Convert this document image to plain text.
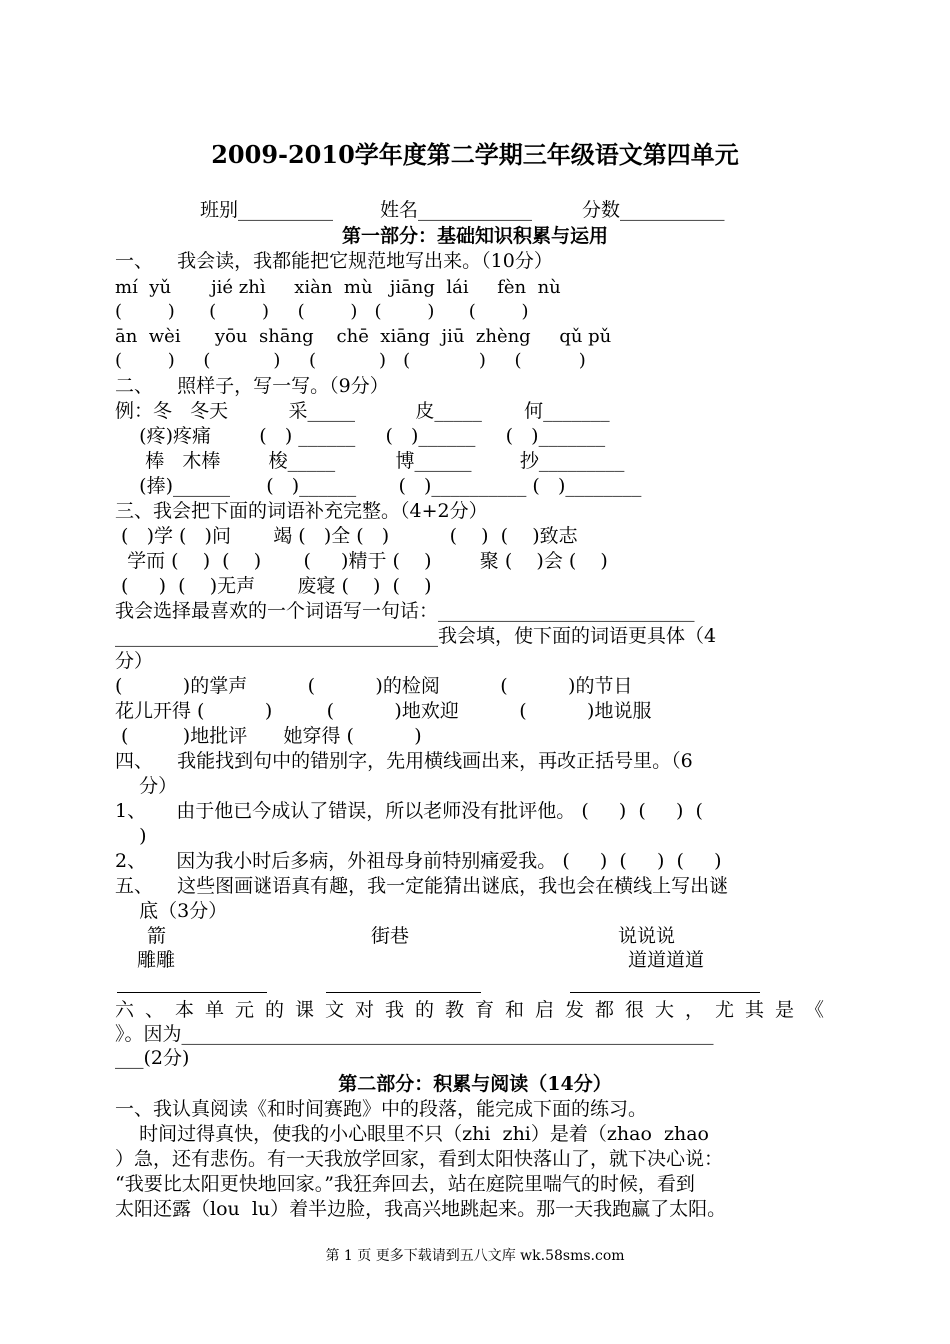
2009-2010学年度第二学期三年级语文第四单元
班别__________ 姓名____________	分数___________
第一部分：基础知识积累与运用
一、    我会读，我都能把它规范地写出来。（10分）
mí  yǔ       jié zhì     xiàn  mù   jiāng  lái     fèn  nù
(        )      (        )     (        )   (        )      (        )
ān  wèi      yōu  shāng    chē  xiāng  jiū  zhèng     qǔ pǔ
(        )     (           )     (           )   (            )     (          )
二、    照样子，写一写。（9分）
例：冬   冬天          采_____          皮_____       何_______
(疼)疼痛        (   ) ______     (   )______     (   )_______
棒   木棒        梭_____          博______        抄_________
(捧)______      (   )______       (   )__________ (   )________
三、我会把下面的词语补充完整。（4+2分）
(   )学 (   )问       竭 (   )全 (   )          (    )  (    )致志
学而 (    )  (    )       (     )精于 (    )        聚 (    )会 (    )
(     )  (    )无声       废寝 (    )  (    )
我会选择最喜欢的一个词语写一句话：___________________________
__________________________________我会填，使下面的词语更具体（4
分）
(          )的掌声          (          )的检阅          (          )的节日
花儿开得 (          )         (          )地欢迎          (          )地说服
(         )地批评      她穿得 (          )
四、    我能找到句中的错别字，先用横线画出来，再改正括号里。（6
分）
1、     由于他已今成认了错误，所以老师没有批评他。 (     )  (     )  (
)
2、     因为我小时后多病，外祖母身前特别痛爱我。 (     )  (     )  (     )
五、    这些图画谜语真有趣，我一定能猜出谜底，我也会在横线上写出谜
底（3分）
箭
雕雕
街巷	说说说
道道道道
六、本单元的课文对我的教育和启发都很大，尤其是《
》。因为________________________________________________________
___(2分)
第二部分：积累与阅读（14分）
一、我认真阅读《和时间赛跑》中的段落，能完成下面的练习。
时间过得真快，使我的小心眼里不只（zhi  zhi）是着（zhao  zhao
）急，还有悲伤。有一天我放学回家，看到太阳快落山了，就下决心说：
“我要比太阳更快地回家。”我狂奔回去，站在庭院里喘气的时候，看到
太阳还露（lou  lu）着半边脸，我高兴地跳起来。那一天我跑赢了太阳。
第 1 页 更多下载请到五八文库 wk.58sms.com
